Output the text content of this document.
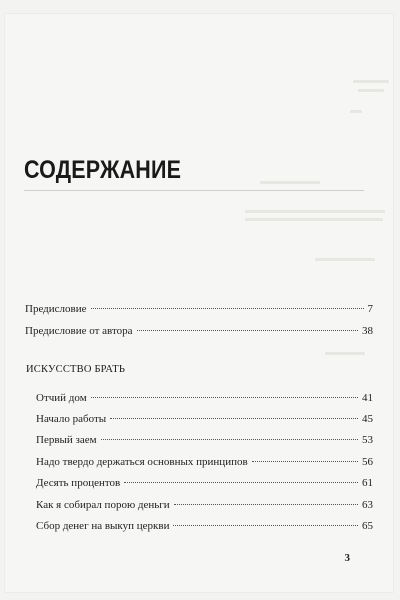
СОДЕРЖАНИЕ
Предисловие	7
Предисловие от автора	38
ИСКУССТВО БРАТЬ
Отчий дом	41
Начало работы	45
Первый заем	53
Надо твердо держаться основных принципов	56
Десять процентов	61
Как я собирал порою деньги	63
Сбор денег на выкуп церкви	65
3
